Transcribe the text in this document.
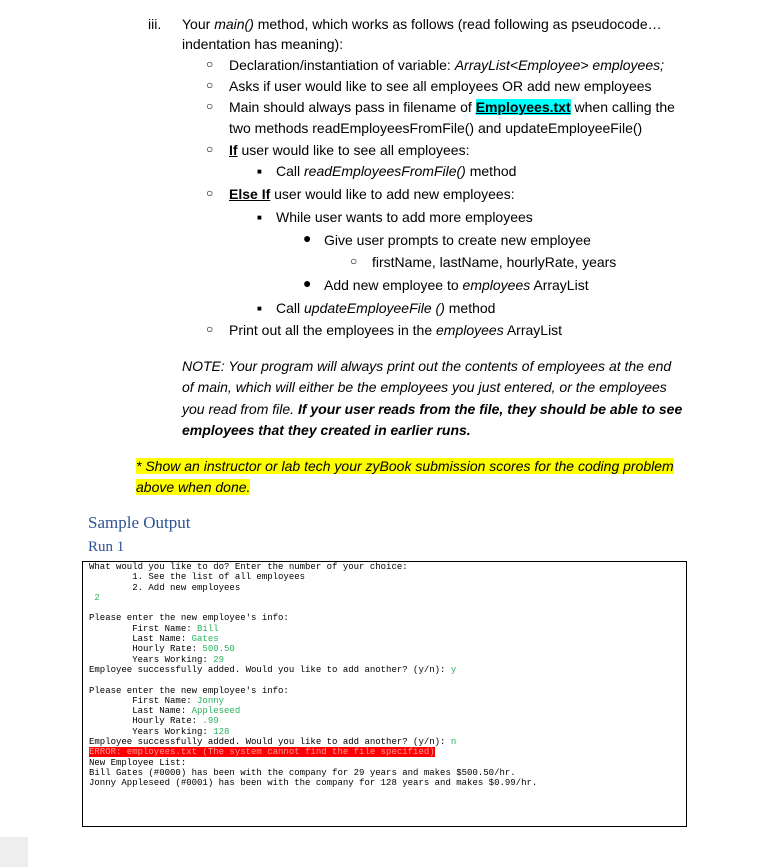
iii. Your main() method, which works as follows (read following as pseudocode…
indentation has meaning):
○ Declaration/instantiation of variable: ArrayList<Employee> employees;
○ Asks if user would like to see all employees OR add new employees
○ Main should always pass in filename of Employees.txt when calling the
two methods readEmployeesFromFile() and updateEmployeeFile()
○ If user would like to see all employees:
■ Call readEmployeesFromFile() method
○ Else If user would like to add new employees:
■ While user wants to add more employees
● Give user prompts to create new employee
○ firstName, lastName, hourlyRate, years
● Add new employee to employees ArrayList
■ Call updateEmployeeFile () method
○ Print out all the employees in the employees ArrayList
NOTE: Your program will always print out the contents of employees at the end
of main, which will either be the employees you just entered, or the employees
you read from file. If your user reads from the file, they should be able to see
employees that they created in earlier runs.
* Show an instructor or lab tech your zyBook submission scores for the coding problem
above when done.
Sample Output
Run 1
What would you like to do? Enter the number of your choice:
1. See the list of all employees
2. Add new employees
2
Please enter the new employee's info:
First Name: Bill
Last Name: Gates
Hourly Rate: 500.50
Years Working: 29
Employee successfully added. Would you like to add another? (y/n): y
Please enter the new employee's info:
First Name: Jonny
Last Name: Appleseed
Hourly Rate: .99
Years Working: 128
Employee successfully added. Would you like to add another? (y/n): n
ERROR: employees.txt (The system cannot find the file specified)
New Employee List:
Bill Gates (#0000) has been with the company for 29 years and makes $500.50/hr.
Jonny Appleseed (#0001) has been with the company for 128 years and makes $0.99/hr.
